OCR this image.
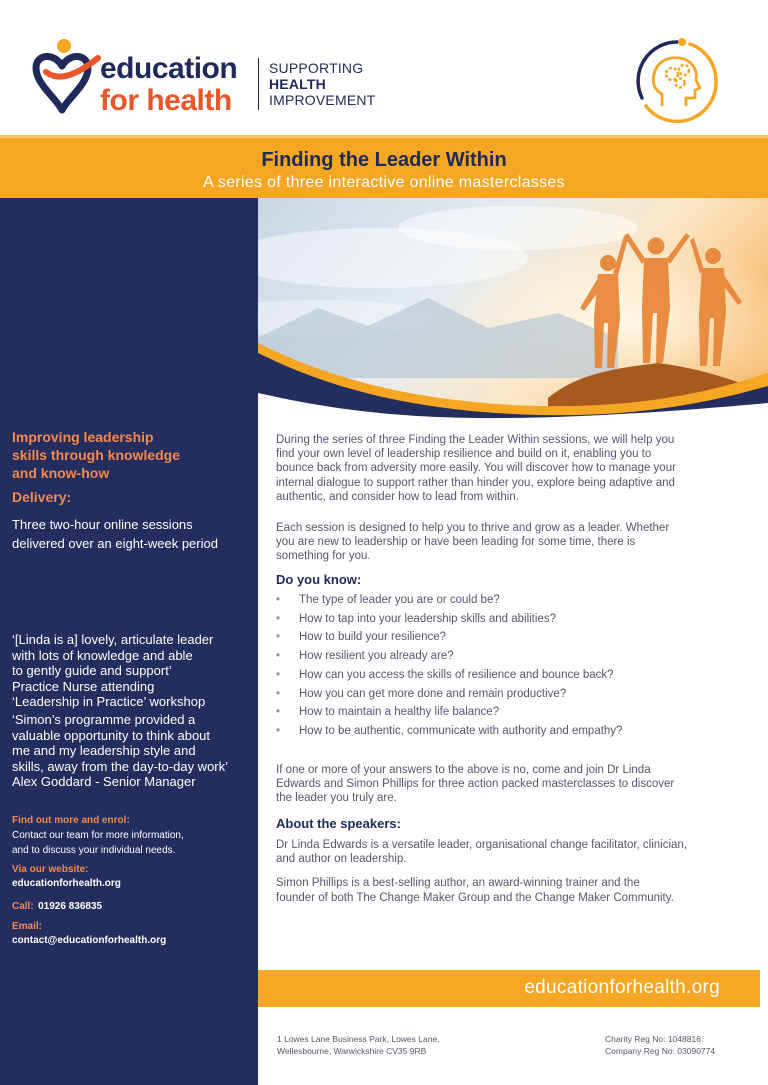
education
for health
SUPPORTING
HEALTH
IMPROVEMENT
Finding the Leader Within
A series of three interactive online masterclasses
Improving leadership
skills through knowledge
and know-how
Delivery:
Three two-hour online sessions
delivered over an eight-week period
‘[Linda is a] lovely, articulate leader
with lots of knowledge and able
to gently guide and support’
Practice Nurse attending
‘Leadership in Practice’ workshop
‘Simon’s programme provided a
valuable opportunity to think about
me and my leadership style and
skills, away from the day-to-day work’
Alex Goddard - Senior Manager
Find out more and enrol:
Contact our team for more information,
and to discuss your individual needs.
Via our website:
educationforhealth.org
Call: 01926 836835
Email:
contact@educationforhealth.org
During the series of three Finding the Leader Within sessions, we will help you
find your own level of leadership resilience and build on it, enabling you to
bounce back from adversity more easily. You will discover how to manage your
internal dialogue to support rather than hinder you, explore being adaptive and
authentic, and consider how to lead from within.
Each session is designed to help you to thrive and grow as a leader. Whether
you are new to leadership or have been leading for some time, there is
something for you.
Do you know:
• The type of leader you are or could be?
• How to tap into your leadership skills and abilities?
• How to build your resilience?
• How resilient you already are?
• How can you access the skills of resilience and bounce back?
• How you can get more done and remain productive?
• How to maintain a healthy life balance?
• How to be authentic, communicate with authority and empathy?
If one or more of your answers to the above is no, come and join Dr Linda
Edwards and Simon Phillips for three action packed masterclasses to discover
the leader you truly are.
About the speakers:
Dr Linda Edwards is a versatile leader, organisational change facilitator, clinician,
and author on leadership.
Simon Phillips is a best-selling author, an award-winning trainer and the
founder of both The Change Maker Group and the Change Maker Community.
educationforhealth.org
1 Lowes Lane Business Park, Lowes Lane,
Wellesbourne, Warwickshire CV35 9RB
Charity Reg No: 1048816
Company Reg No: 03090774
